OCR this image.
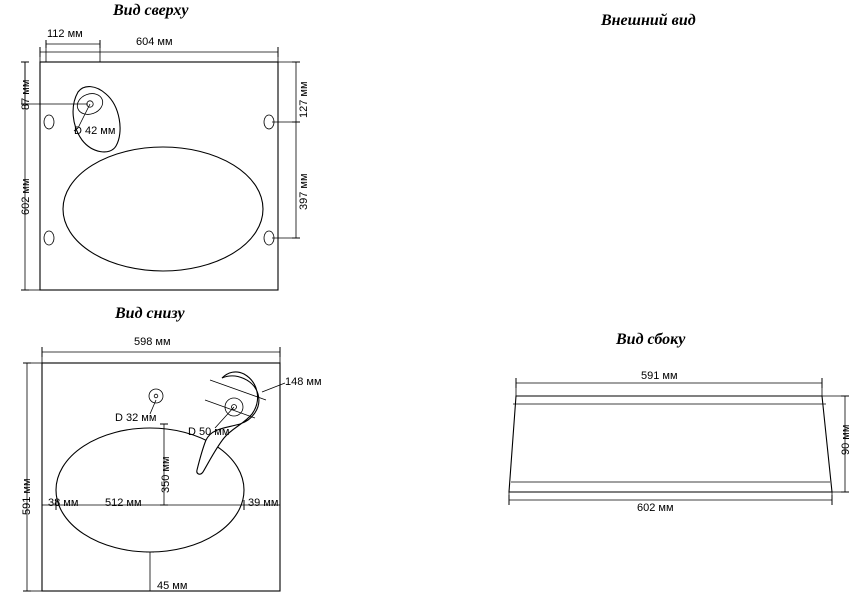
Вид сверху
Внешний вид
Вид снизу
Вид сбоку
112 мм
604 мм
87 мм
602 мм
127 мм
397 мм
D 42 мм
598 мм
591 мм
148 мм
D 32 мм
D 50 мм
350 мм
512 мм
38 мм	39 мм
45 мм
591 мм
602 мм
90 мм
